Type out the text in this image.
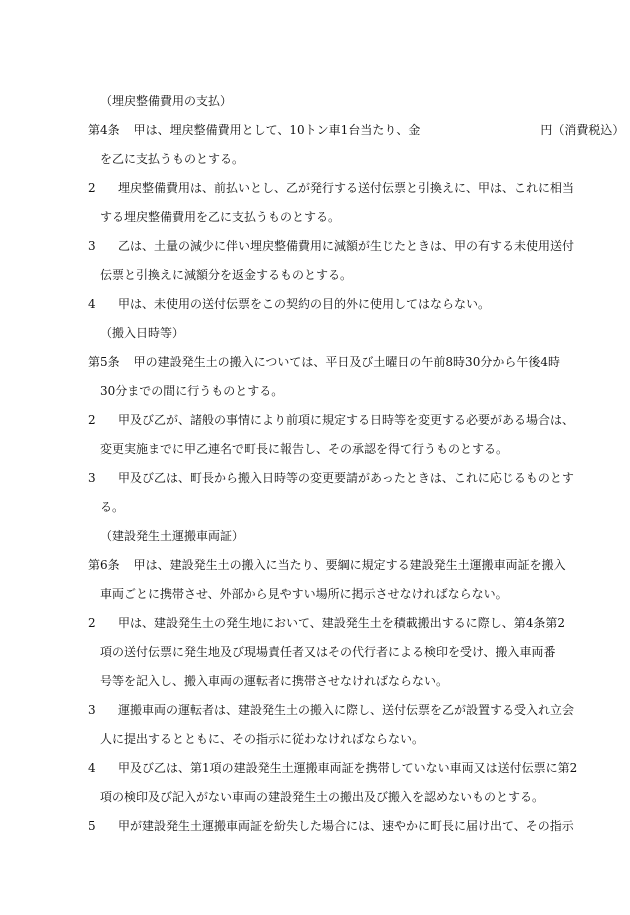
（埋戻整備費用の支払）

第4条　 甲は、埋戻整備費用として、10トン車1台当たり、金　　　　　　　　　　円（消費税込）

を乙に支払うものとする。

2　 埋戻整備費用は、前払いとし、乙が発行する送付伝票と引換えに、甲は、これに相当

する埋戻整備費用を乙に支払うものとする。

3　 乙は、土量の減少に伴い埋戻整備費用に減額が生じたときは、甲の有する未使用送付

伝票と引換えに減額分を返金するものとする。

4　 甲は、未使用の送付伝票をこの契約の目的外に使用してはならない。

（搬入日時等）

第5条　 甲の建設発生土の搬入については、平日及び土曜日の午前8時30分から午後4時

30分までの間に行うものとする。

2　 甲及び乙が、諸般の事情により前項に規定する日時等を変更する必要がある場合は、

変更実施までに甲乙連名で町長に報告し、その承認を得て行うものとする。

3　 甲及び乙は、町長から搬入日時等の変更要請があったときは、これに応じるものとす

る。

（建設発生土運搬車両証）

第6条　 甲は、建設発生土の搬入に当たり、要綱に規定する建設発生土運搬車両証を搬入

車両ごとに携帯させ、外部から見やすい場所に掲示させなければならない。

2　 甲は、建設発生土の発生地において、建設発生土を積載搬出するに際し、第4条第2

項の送付伝票に発生地及び現場責任者又はその代行者による検印を受け、搬入車両番

号等を記入し、搬入車両の運転者に携帯させなければならない。

3　 運搬車両の運転者は、建設発生土の搬入に際し、送付伝票を乙が設置する受入れ立会

人に提出するとともに、その指示に従わなければならない。

4　 甲及び乙は、第1項の建設発生土運搬車両証を携帯していない車両又は送付伝票に第2

項の検印及び記入がない車両の建設発生土の搬出及び搬入を認めないものとする。

5　 甲が建設発生土運搬車両証を紛失した場合には、速やかに町長に届け出て、その指示
